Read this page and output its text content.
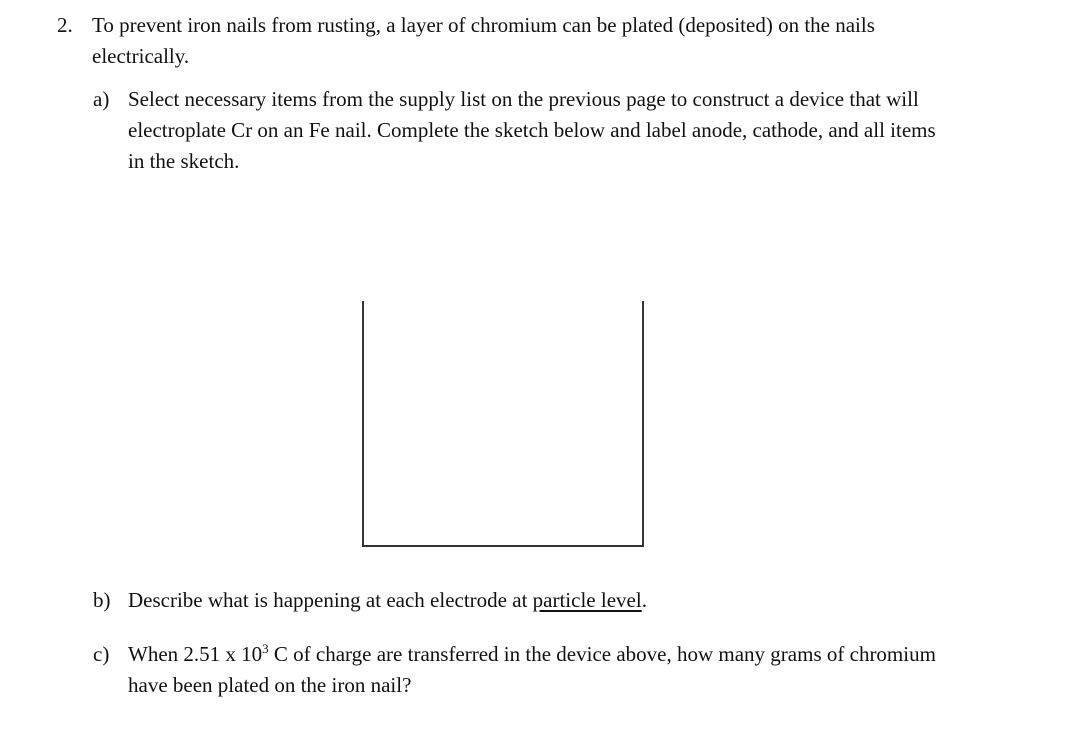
2. To prevent iron nails from rusting, a layer of chromium can be plated (deposited) on the nails
electrically.
a) Select necessary items from the supply list on the previous page to construct a device that will
electroplate Cr on an Fe nail. Complete the sketch below and label anode, cathode, and all items
in the sketch.
b) Describe what is happening at each electrode at particle level.
c) When 2.51 x $10^3$ C of charge are transferred in the device above, how many grams of chromium
have been plated on the iron nail?
